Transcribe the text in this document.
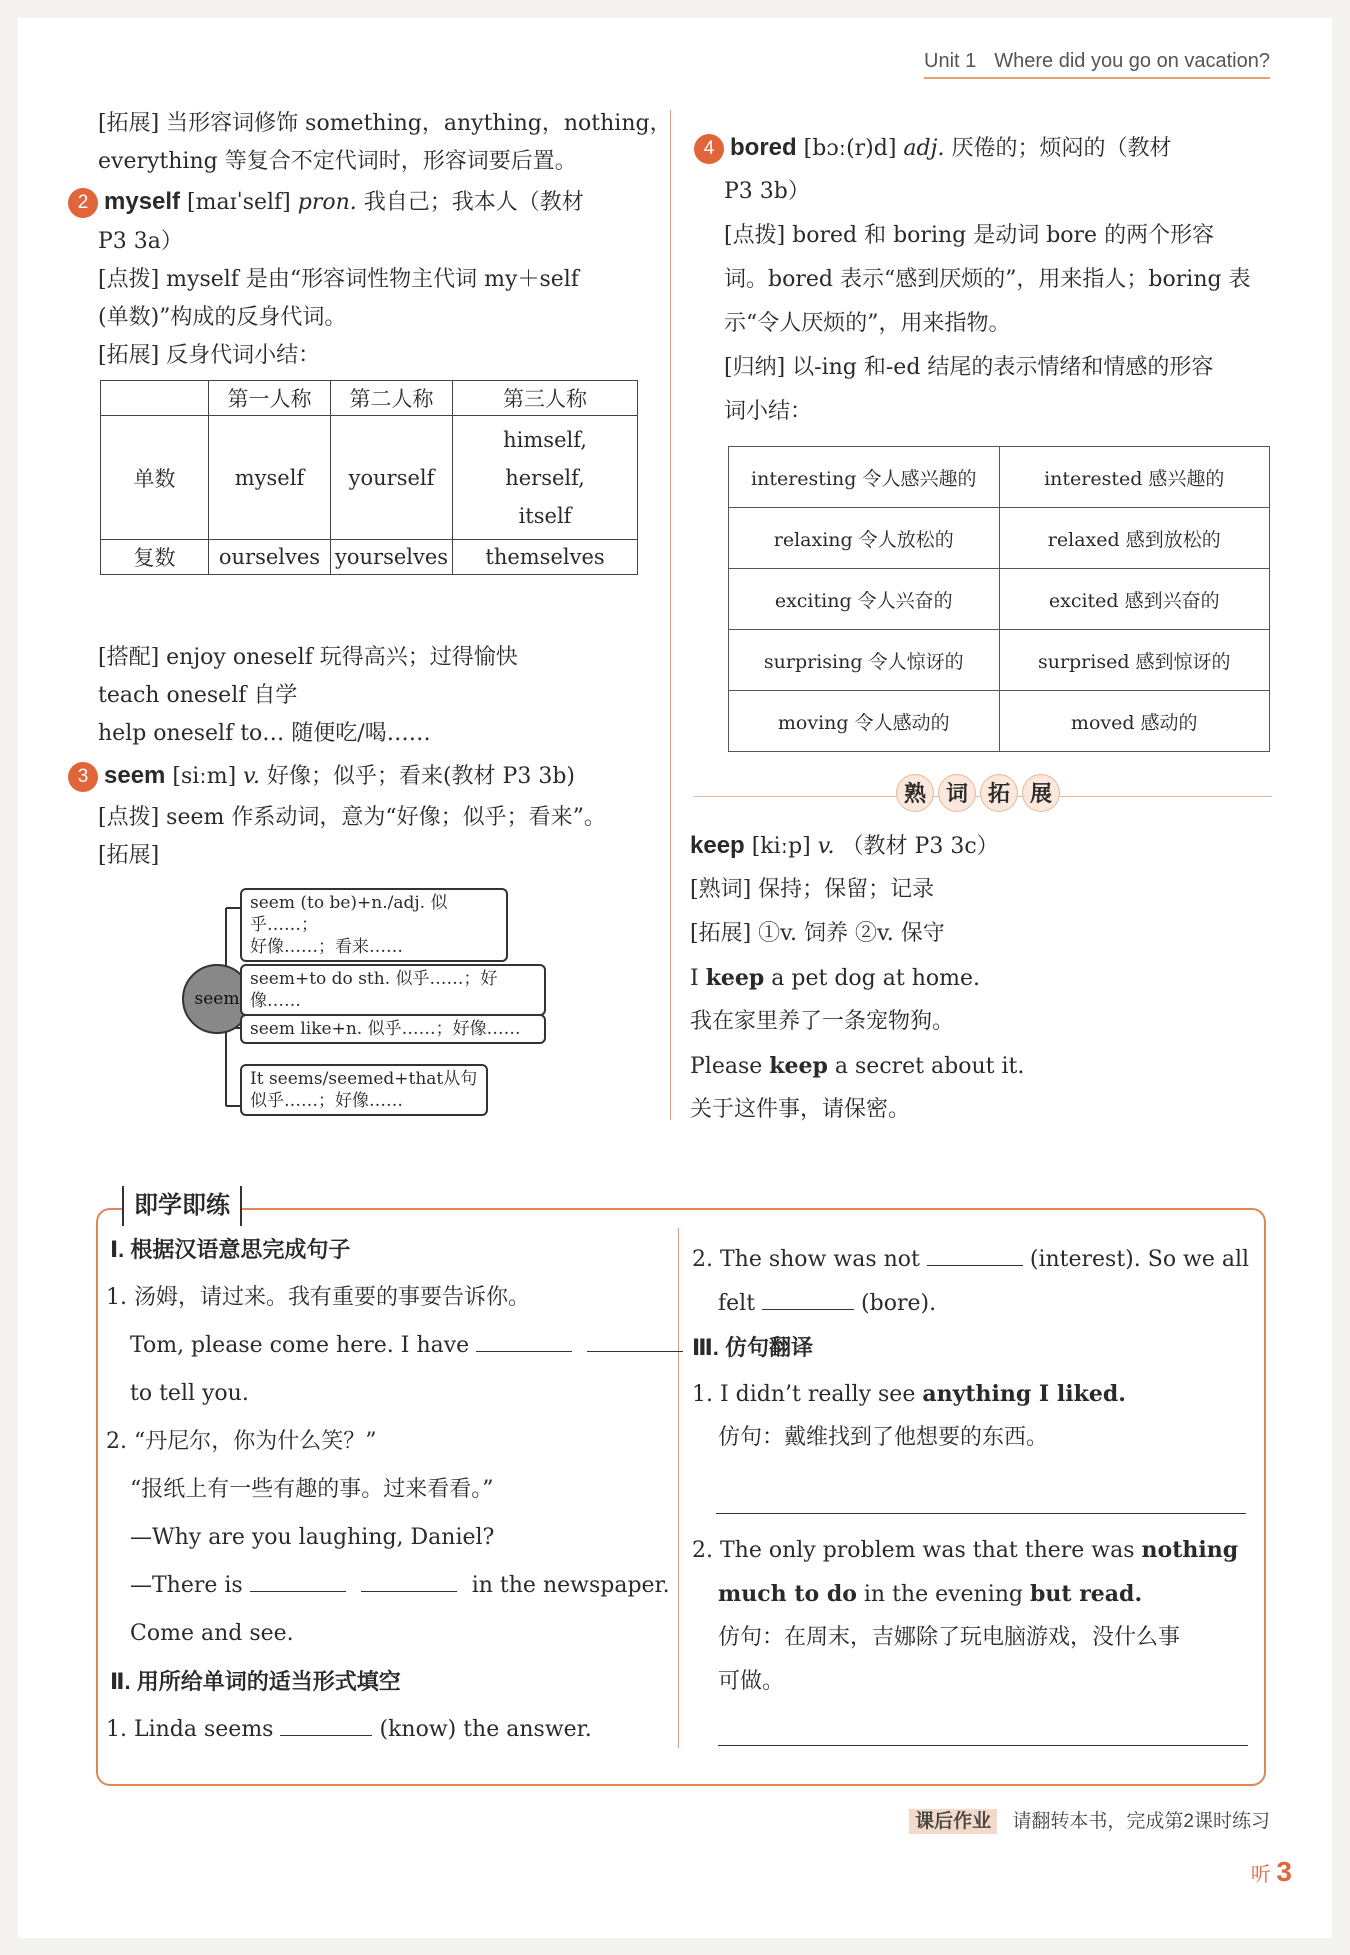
Unit 1 Where did you go on vacation?
[拓展] 当形容词修饰 something，anything，nothing，
everything 等复合不定代词时，形容词要后置。
2 myself [maɪˈself] pron. 我自己；我本人（教材
P3 3a）
[点拨] myself 是由“形容词性物主代词 my＋self
(单数)”构成的反身代词。
[拓展] 反身代词小结：
	第一人称	第二人称	第三人称
单数	myself	yourself	himself,
herself,
itself

复数	ourselves	yourselves	themselves
[搭配] enjoy oneself 玩得高兴；过得愉快
teach oneself 自学
help oneself to… 随便吃/喝……
3 seem [siːm] v. 好像；似乎；看来(教材 P3 3b)
[点拨] seem 作系动词，意为“好像；似乎；看来”。
[拓展]
seem
seem (to be)+n./adj. 似乎……；
好像……；看来……
seem+to do sth. 似乎……；好像……
seem like+n. 似乎……；好像……
It seems/seemed+that从句
似乎……；好像……
4 bored [bɔː(r)d] adj. 厌倦的；烦闷的（教材
P3 3b）
[点拨] bored 和 boring 是动词 bore 的两个形容
词。bored 表示“感到厌烦的”，用来指人；boring 表
示“令人厌烦的”，用来指物。
[归纳] 以-ing 和-ed 结尾的表示情绪和情感的形容
词小结：
interesting 令人感兴趣的	interested 感兴趣的
relaxing 令人放松的	relaxed 感到放松的
exciting 令人兴奋的	excited 感到兴奋的
surprising 令人惊讶的	surprised 感到惊讶的
moving 令人感动的	moved 感动的
熟 词 拓 展
keep [kiːp] v. （教材 P3 3c）
[熟词] 保持；保留；记录
[拓展] ①v. 饲养 ②v. 保守
I keep a pet dog at home.
我在家里养了一条宠物狗。
Please keep a secret about it.
关于这件事，请保密。
即学即练
Ⅰ. 根据汉语意思完成句子
1. 汤姆，请过来。我有重要的事要告诉你。
Tom, please come here. I have
to tell you.
2. “丹尼尔，你为什么笑？”
“报纸上有一些有趣的事。过来看看。”
—Why are you laughing, Daniel?
—There is	in the newspaper.
Come and see.
Ⅱ. 用所给单词的适当形式填空
1. Linda seems	(know) the answer.
2. The show was not	(interest). So we all
felt	(bore).
Ⅲ. 仿句翻译
1. I didn’t really see anything I liked.
仿句：戴维找到了他想要的东西。
2. The only problem was that there was nothing
much to do in the evening but read.
仿句：在周末，吉娜除了玩电脑游戏，没什么事
可做。
课后作业 请翻转本书，完成第2课时练习
听 3
